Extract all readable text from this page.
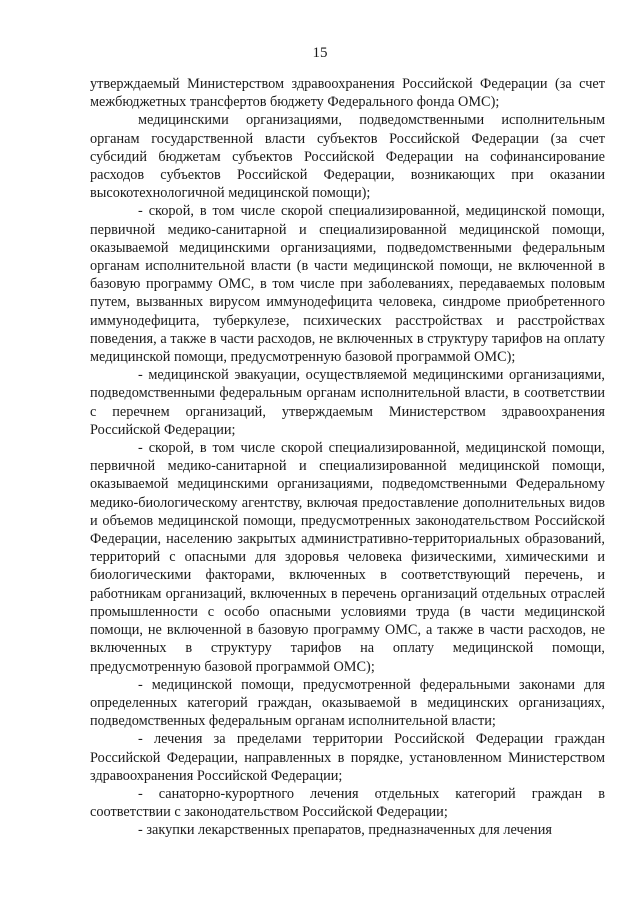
15

утверждаемый Министерством здравоохранения Российской Федерации (за счет межбюджетных трансфертов бюджету Федерального фонда ОМС);

медицинскими организациями, подведомственными исполнительным органам государственной власти субъектов Российской Федерации (за счет субсидий бюджетам субъектов Российской Федерации на софинансирование расходов субъектов Российской Федерации, возникающих при оказании высокотехнологичной медицинской помощи);

- скорой, в том числе скорой специализированной, медицинской помощи, первичной медико-санитарной и специализированной медицинской помощи, оказываемой медицинскими организациями, подведомственными федеральным органам исполнительной власти (в части медицинской помощи, не включенной в базовую программу ОМС, в том числе при заболеваниях, передаваемых половым путем, вызванных вирусом иммунодефицита человека, синдроме приобретенного иммунодефицита, туберкулезе, психических расстройствах и расстройствах поведения, а также в части расходов, не включенных в структуру тарифов на оплату медицинской помощи, предусмотренную базовой программой ОМС);

- медицинской эвакуации, осуществляемой медицинскими организациями, подведомственными федеральным органам исполнительной власти, в соответствии с перечнем организаций, утверждаемым Министерством здравоохранения Российской Федерации;

- скорой, в том числе скорой специализированной, медицинской помощи, первичной медико-санитарной и специализированной медицинской помощи, оказываемой медицинскими организациями, подведомственными Федеральному медико-биологическому агентству, включая предоставление дополнительных видов и объемов медицинской помощи, предусмотренных законодательством Российской Федерации, населению закрытых административно-территориальных образований, территорий с опасными для здоровья человека физическими, химическими и биологическими факторами, включенных в соответствующий перечень, и работникам организаций, включенных в перечень организаций отдельных отраслей промышленности с особо опасными условиями труда (в части медицинской помощи, не включенной в базовую программу ОМС, а также в части расходов, не включенных в структуру тарифов на оплату медицинской помощи, предусмотренную базовой программой ОМС);

- медицинской помощи, предусмотренной федеральными законами для определенных категорий граждан, оказываемой в медицинских организациях, подведомственных федеральным органам исполнительной власти;

- лечения за пределами территории Российской Федерации граждан Российской Федерации, направленных в порядке, установленном Министерством здравоохранения Российской Федерации;

- санаторно-курортного лечения отдельных категорий граждан в соответствии с законодательством Российской Федерации;

- закупки лекарственных препаратов, предназначенных для лечения
